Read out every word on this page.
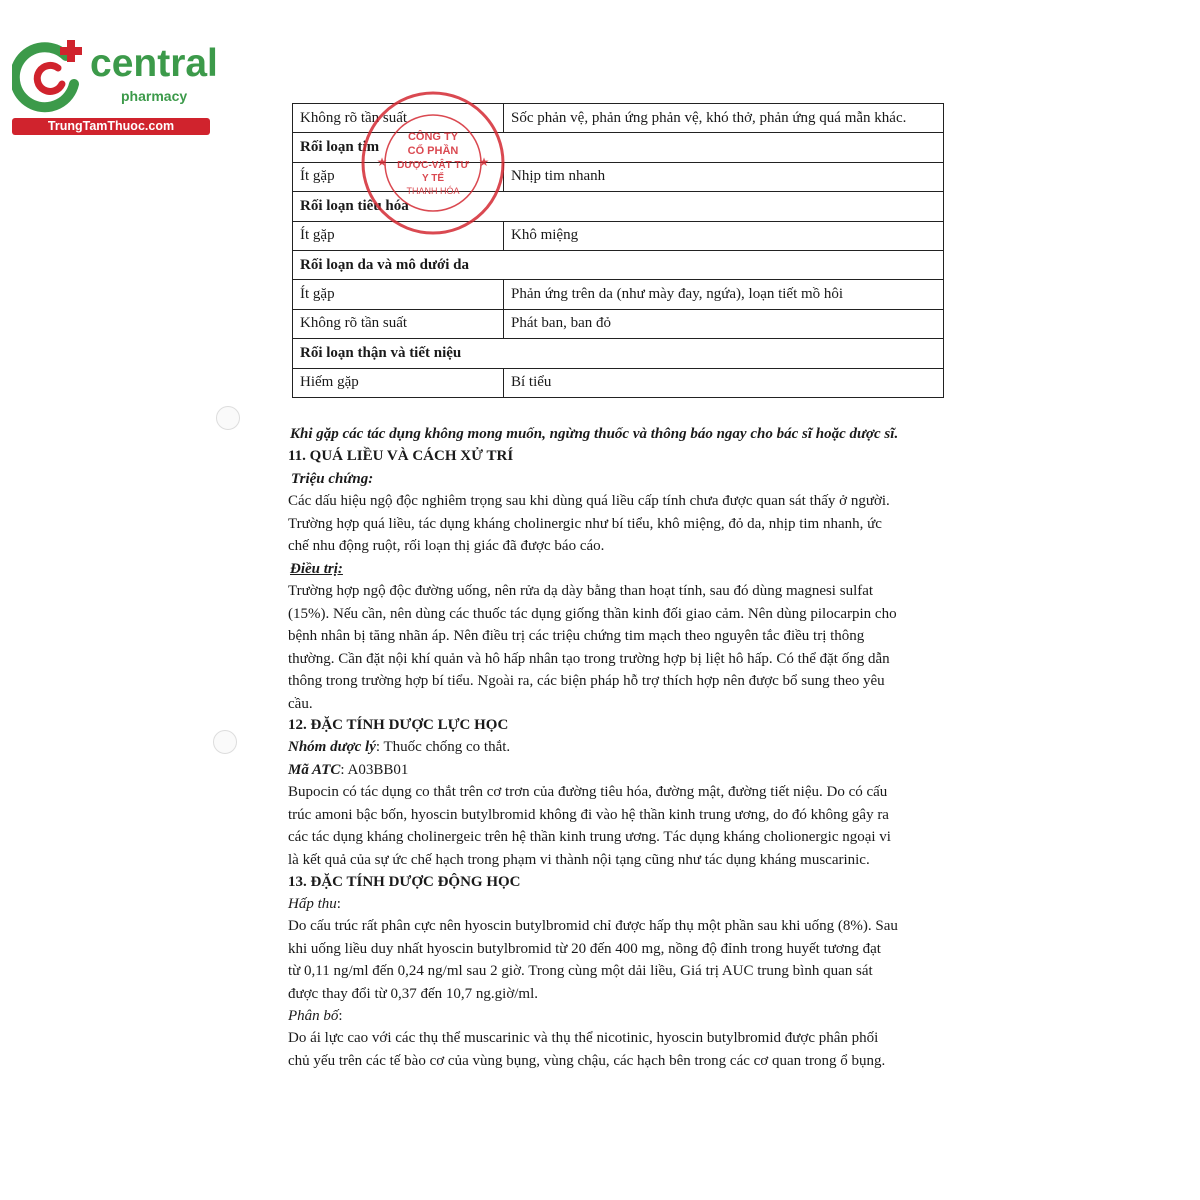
central
pharmacy
TrungTamThuoc.com
Không rõ tần suất	Sốc phản vệ, phản ứng phản vệ, khó thở, phản ứng quá mẫn khác.
Rối loạn tim	
Ít gặp	Nhịp tim nhanh
Rối loạn tiêu hóa	
Ít gặp	Khô miệng
Rối loạn da và mô dưới da	
Ít gặp	Phản ứng trên da (như mày đay, ngứa), loạn tiết mồ hôi
Không rõ tần suất	Phát ban, ban đỏ
Rối loạn thận và tiết niệu	
Hiếm gặp	Bí tiểu
CÔNG TY
CỔ PHẦN
DƯỢC-VẬT TƯ
Y TẾ
THANH HÓA
★	★
Khi gặp các tác dụng không mong muốn, ngừng thuốc và thông báo ngay cho bác sĩ hoặc dược sĩ.
11. QUÁ LIỀU VÀ CÁCH XỬ TRÍ
Triệu chứng:
Các dấu hiệu ngộ độc nghiêm trọng sau khi dùng quá liều cấp tính chưa được quan sát thấy ở người.
Trường hợp quá liều, tác dụng kháng cholinergic như bí tiểu, khô miệng, đỏ da, nhịp tim nhanh, ức
chế nhu động ruột, rối loạn thị giác đã được báo cáo.
Điều trị:
Trường hợp ngộ độc đường uống, nên rửa dạ dày bằng than hoạt tính, sau đó dùng magnesi sulfat
(15%). Nếu cần, nên dùng các thuốc tác dụng giống thần kinh đối giao cảm. Nên dùng pilocarpin cho
bệnh nhân bị tăng nhãn áp. Nên điều trị các triệu chứng tim mạch theo nguyên tắc điều trị thông
thường. Cần đặt nội khí quản và hô hấp nhân tạo trong trường hợp bị liệt hô hấp. Có thể đặt ống dẫn
thông trong trường hợp bí tiểu. Ngoài ra, các biện pháp hỗ trợ thích hợp nên được bổ sung theo yêu
cầu.
12. ĐẶC TÍNH DƯỢC LỰC HỌC
Nhóm dược lý: Thuốc chống co thắt.
Mã ATC: A03BB01
Bupocin có tác dụng co thắt trên cơ trơn của đường tiêu hóa, đường mật, đường tiết niệu. Do có cấu
trúc amoni bậc bốn, hyoscin butylbromid không đi vào hệ thần kinh trung ương, do đó không gây ra
các tác dụng kháng cholinergeic trên hệ thần kinh trung ương. Tác dụng kháng cholionergic ngoại vi
là kết quả của sự ức chế hạch trong phạm vi thành nội tạng cũng như tác dụng kháng muscarinic.
13. ĐẶC TÍNH DƯỢC ĐỘNG HỌC
Hấp thu:
Do cấu trúc rất phân cực nên hyoscin butylbromid chỉ được hấp thụ một phần sau khi uống (8%). Sau
khi uống liều duy nhất hyoscin butylbromid từ 20 đến 400 mg, nồng độ đỉnh trong huyết tương đạt
từ 0,11 ng/ml đến 0,24 ng/ml sau 2 giờ. Trong cùng một dải liều, Giá trị AUC trung bình quan sát
được thay đổi từ 0,37 đến 10,7 ng.giờ/ml.
Phân bố:
Do ái lực cao với các thụ thể muscarinic và thụ thể nicotinic, hyoscin butylbromid được phân phối
chủ yếu trên các tế bào cơ của vùng bụng, vùng chậu, các hạch bên trong các cơ quan trong ổ bụng.
